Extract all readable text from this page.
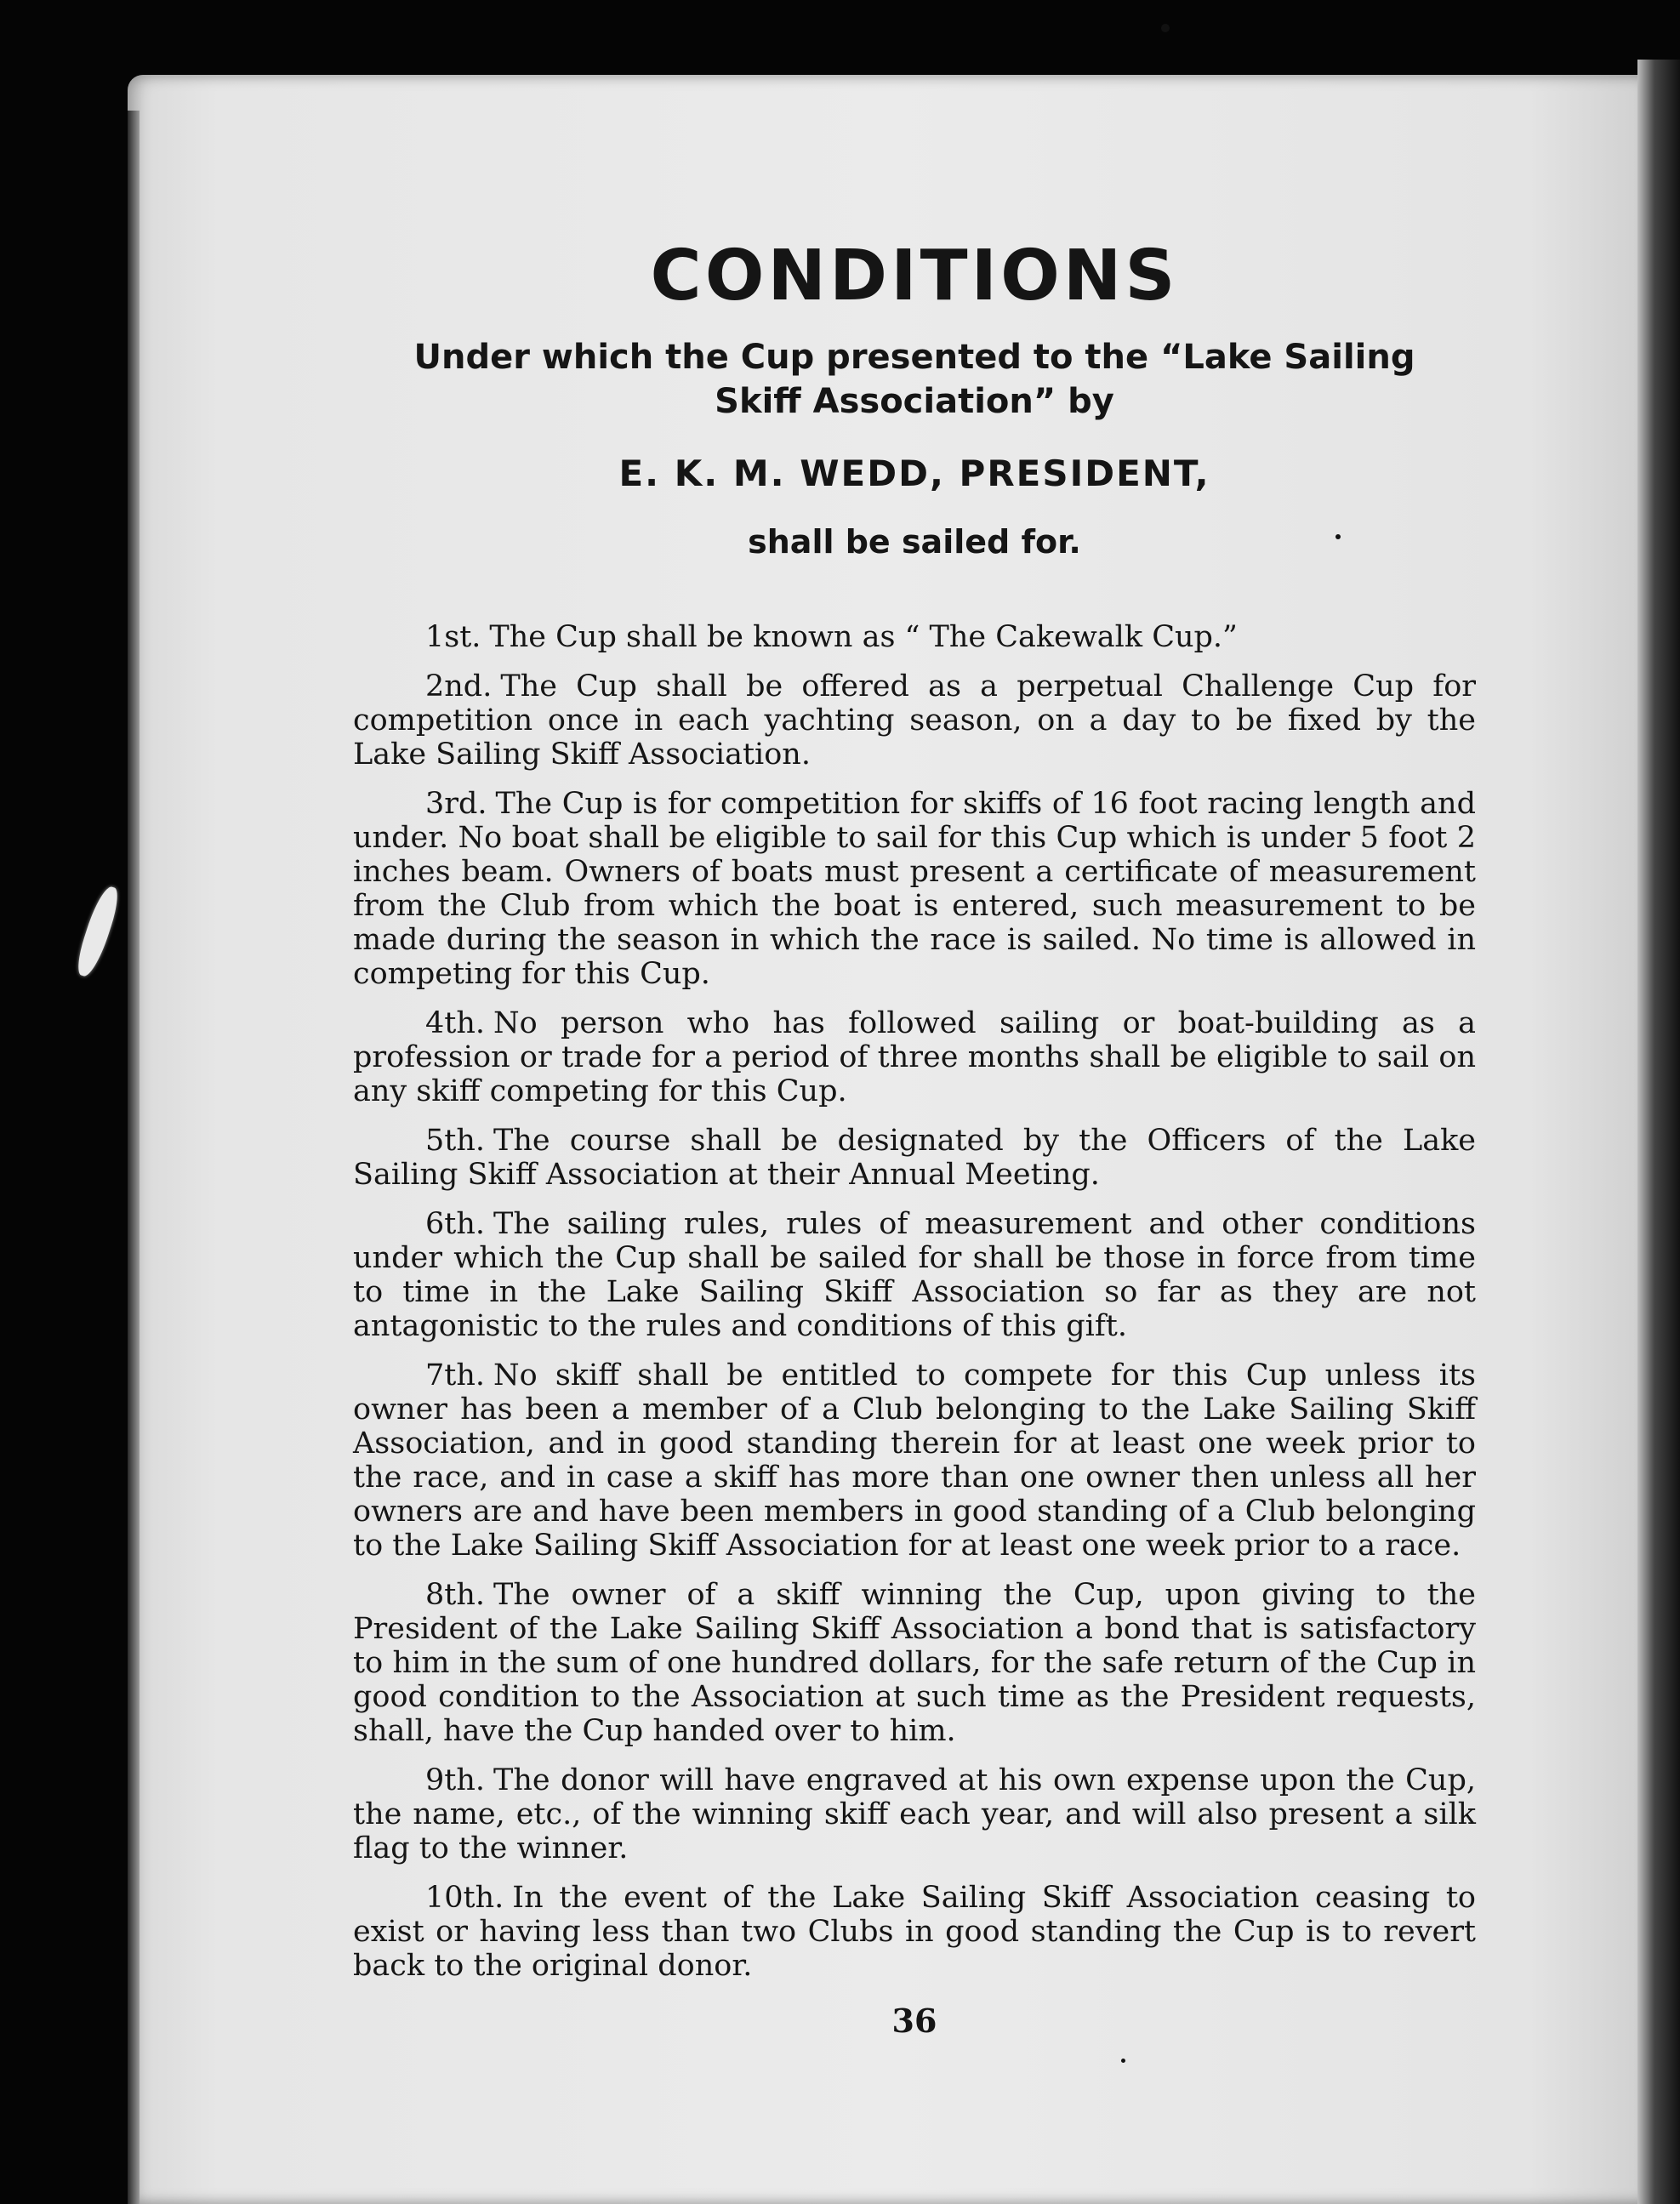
CONDITIONS
Under which the Cup presented to the “Lake Sailing Skiff Association” by
E. K. M. WEDD, PRESIDENT,
shall be sailed for.
1st. The Cup shall be known as “ The Cakewalk Cup.”
2nd. The Cup shall be offered as a perpetual Challenge Cup for competition once in each yachting season, on a day to be fixed by the Lake Sailing Skiff Association.
3rd. The Cup is for competition for skiffs of 16 foot racing length and under. No boat shall be eligible to sail for this Cup which is under 5 foot 2 inches beam. Owners of boats must present a certificate of measurement from the Club from which the boat is entered, such measurement to be made during the season in which the race is sailed. No time is allowed in competing for this Cup.
4th. No person who has followed sailing or boat-building as a profession or trade for a period of three months shall be eligible to sail on any skiff competing for this Cup.
5th. The course shall be designated by the Officers of the Lake Sailing Skiff Association at their Annual Meeting.
6th. The sailing rules, rules of measurement and other conditions under which the Cup shall be sailed for shall be those in force from time to time in the Lake Sailing Skiff Association so far as they are not antagonistic to the rules and conditions of this gift.
7th. No skiff shall be entitled to compete for this Cup unless its owner has been a member of a Club belonging to the Lake Sailing Skiff Association, and in good standing therein for at least one week prior to the race, and in case a skiff has more than one owner then unless all her owners are and have been members in good standing of a Club belonging to the Lake Sailing Skiff Association for at least one week prior to a race.
8th. The owner of a skiff winning the Cup, upon giving to the President of the Lake Sailing Skiff Association a bond that is satisfactory to him in the sum of one hundred dollars, for the safe return of the Cup in good condition to the Association at such time as the President requests, shall, have the Cup handed over to him.
9th. The donor will have engraved at his own expense upon the Cup, the name, etc., of the winning skiff each year, and will also present a silk flag to the winner.
10th. In the event of the Lake Sailing Skiff Association ceasing to exist or having less than two Clubs in good standing the Cup is to revert back to the original donor.
36
